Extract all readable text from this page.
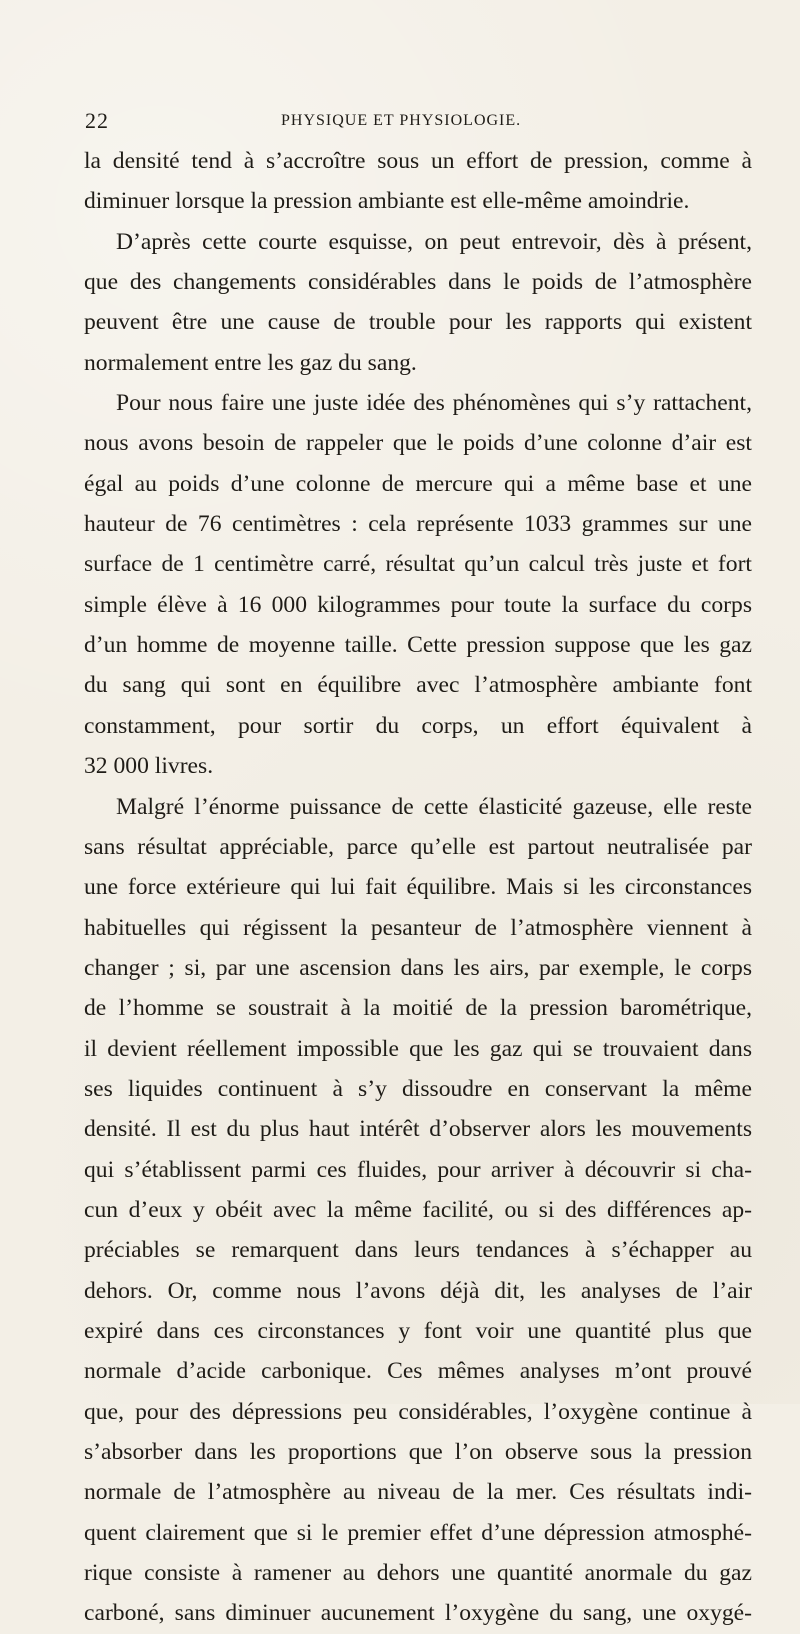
22	PHYSIQUE ET PHYSIOLOGIE.
la densité tend à s’accroître sous un effort de pression, comme à
diminuer lorsque la pression ambiante est elle-même amoindrie.
D’après cette courte esquisse, on peut entrevoir, dès à présent,
que des changements considérables dans le poids de l’atmosphère
peuvent être une cause de trouble pour les rapports qui existent
normalement entre les gaz du sang.
Pour nous faire une juste idée des phénomènes qui s’y rattachent,
nous avons besoin de rappeler que le poids d’une colonne d’air est
égal au poids d’une colonne de mercure qui a même base et une
hauteur de 76 centimètres : cela représente 1033 grammes sur une
surface de 1 centimètre carré, résultat qu’un calcul très juste et fort
simple élève à 16 000 kilogrammes pour toute la surface du corps
d’un homme de moyenne taille. Cette pression suppose que les gaz
du sang qui sont en équilibre avec l’atmosphère ambiante font
constamment, pour sortir du corps, un effort équivalent à
32 000 livres.
Malgré l’énorme puissance de cette élasticité gazeuse, elle reste
sans résultat appréciable, parce qu’elle est partout neutralisée par
une force extérieure qui lui fait équilibre. Mais si les circonstances
habituelles qui régissent la pesanteur de l’atmosphère viennent à
changer ; si, par une ascension dans les airs, par exemple, le corps
de l’homme se soustrait à la moitié de la pression barométrique,
il devient réellement impossible que les gaz qui se trouvaient dans
ses liquides continuent à s’y dissoudre en conservant la même
densité. Il est du plus haut intérêt d’observer alors les mouvements
qui s’établissent parmi ces fluides, pour arriver à découvrir si cha-
cun d’eux y obéit avec la même facilité, ou si des différences ap-
préciables se remarquent dans leurs tendances à s’échapper au
dehors. Or, comme nous l’avons déjà dit, les analyses de l’air
expiré dans ces circonstances y font voir une quantité plus que
normale d’acide carbonique. Ces mêmes analyses m’ont prouvé
que, pour des dépressions peu considérables, l’oxygène continue à
s’absorber dans les proportions que l’on observe sous la pression
normale de l’atmosphère au niveau de la mer. Ces résultats indi-
quent clairement que si le premier effet d’une dépression atmosphé-
rique consiste à ramener au dehors une quantité anormale du gaz
carboné, sans diminuer aucunement l’oxygène du sang, une oxygé-
